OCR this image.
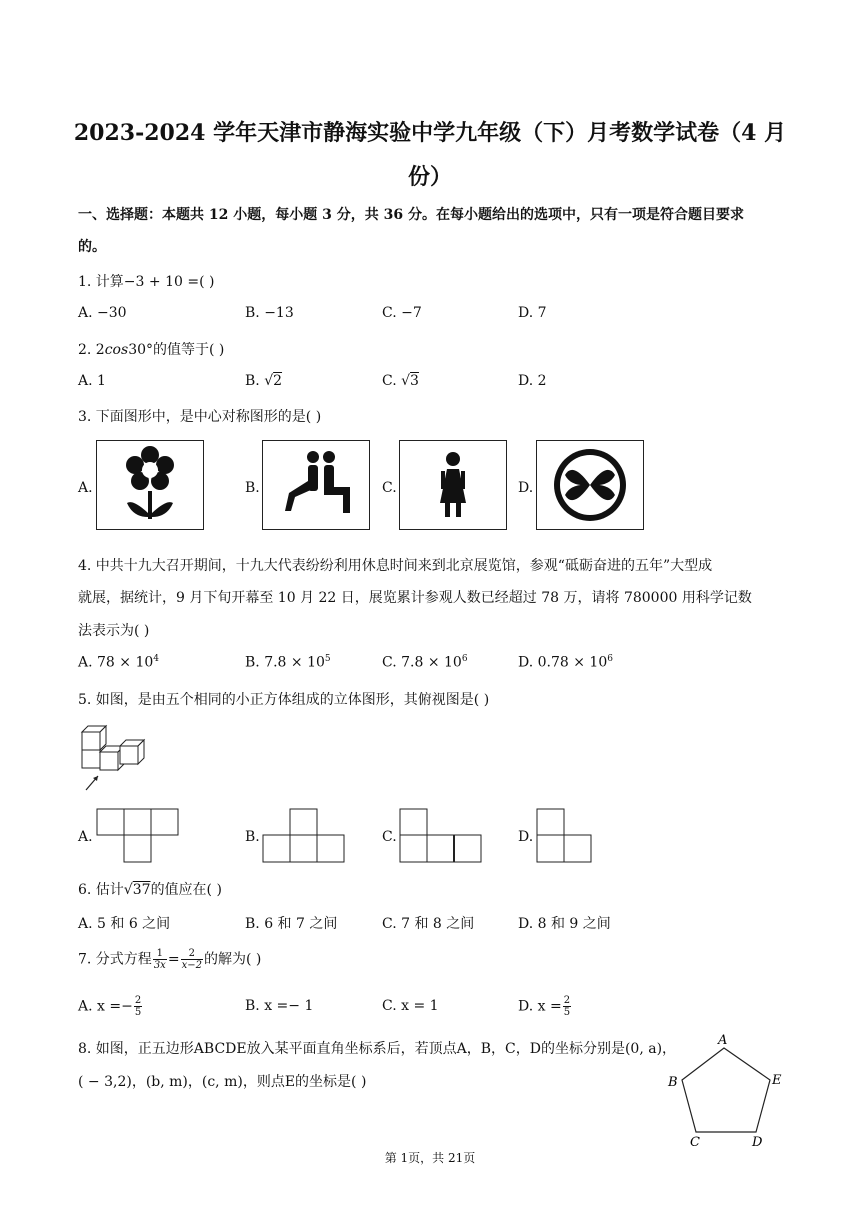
2023-2024 学年天津市静海实验中学九年级（下）月考数学试卷（4 月
份）
一、选择题：本题共 12 小题，每小题 3 分，共 36 分。在每小题给出的选项中，只有一项是符合题目要求
的。
1. 计算−3 + 10 =( )
A. −30	B. −13	C. −7	D. 7
2. 2cos30°的值等于( )
A. 1	B. √2	C. √3	D. 2
3. 下面图形中，是中心对称图形的是( )
A.	B.	C.	D.
4. 中共十九大召开期间，十九大代表纷纷利用休息时间来到北京展览馆，参观“砥砺奋进的五年”大型成
就展，据统计，9 月下旬开幕至 10 月 22 日，展览累计参观人数已经超过 78 万，请将 780000 用科学记数
法表示为( )
A. $78 \times 10^4$	B. $7.8 \times 10^5$	C. $7.8 \times 10^6$	D. $0.78 \times 10^6$
5. 如图，是由五个相同的小正方体组成的立体图形，其俯视图是( )
A.	B.	C.	D.
6. 估计√37的值应在( )
A. 5 和 6 之间	B. 6 和 7 之间	C. 7 和 8 之间	D. 8 和 9 之间
7. 分式方程 $\frac{1}{3x} = \frac{2}{x-2}$ 的解为( )
A. $x =- \frac{2}{5}$	B. x =− 1	C. x = 1	D. $x = \frac{2}{5}$
8. 如图，正五边形ABCDE放入某平面直角坐标系后，若顶点A，B，C，D的坐标分别是(0, a)，
( − 3,2)，(b, m)，(c, m)，则点E的坐标是( )
A
B
C	D
E
第 1页，共 21页
